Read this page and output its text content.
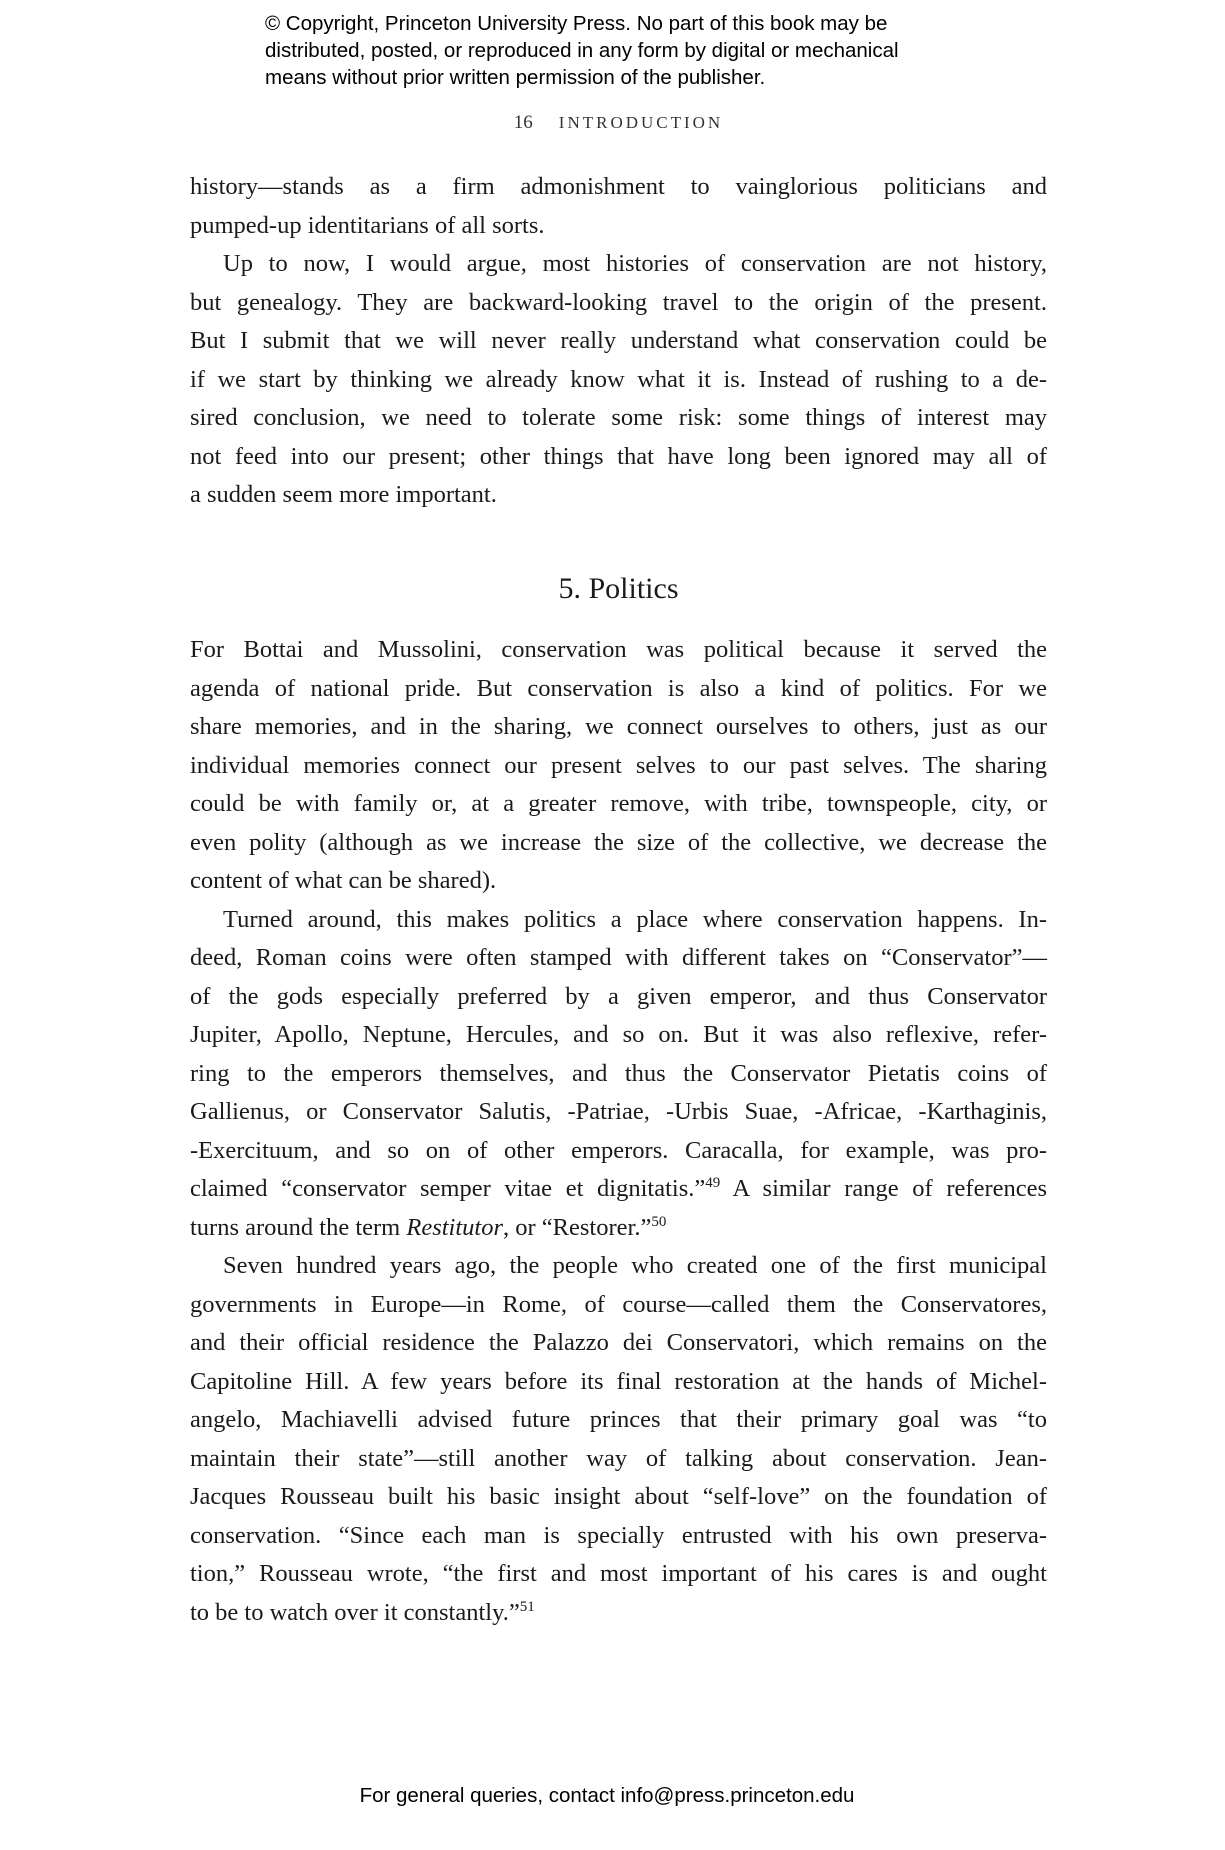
© Copyright, Princeton University Press. No part of this book may be
distributed, posted, or reproduced in any form by digital or mechanical
means without prior written permission of the publisher.
16 INTRODUCTION
history—stands as a firm admonishment to vainglorious politicians and
pumped-up identitarians of all sorts.
Up to now, I would argue, most histories of conservation are not history,
but genealogy. They are backward-looking travel to the origin of the present.
But I submit that we will never really understand what conservation could be
if we start by thinking we already know what it is. Instead of rushing to a de-
sired conclusion, we need to tolerate some risk: some things of interest may
not feed into our present; other things that have long been ignored may all of
a sudden seem more important.
5. Politics
For Bottai and Mussolini, conservation was political because it served the
agenda of national pride. But conservation is also a kind of politics. For we
share memories, and in the sharing, we connect ourselves to others, just as our
individual memories connect our present selves to our past selves. The sharing
could be with family or, at a greater remove, with tribe, townspeople, city, or
even polity (although as we increase the size of the collective, we decrease the
content of what can be shared).
Turned around, this makes politics a place where conservation happens. In-
deed, Roman coins were often stamped with different takes on “Conservator”—
of the gods especially preferred by a given emperor, and thus Conservator
Jupiter, Apollo, Neptune, Hercules, and so on. But it was also reflexive, refer-
ring to the emperors themselves, and thus the Conservator Pietatis coins of
Gallienus, or Conservator Salutis, -Patriae, -Urbis Suae, -Africae, -Karthaginis,
-Exercituum, and so on of other emperors. Caracalla, for example, was pro-
claimed “conservator semper vitae et dignitatis.”$^{49}$ A similar range of references
turns around the term Restitutor, or “Restorer.”$^{50}$
Seven hundred years ago, the people who created one of the first municipal
governments in Europe—in Rome, of course—called them the Conservatores,
and their official residence the Palazzo dei Conservatori, which remains on the
Capitoline Hill. A few years before its final restoration at the hands of Michel-
angelo, Machiavelli advised future princes that their primary goal was “to
maintain their state”—still another way of talking about conservation. Jean-
Jacques Rousseau built his basic insight about “self-love” on the foundation of
conservation. “Since each man is specially entrusted with his own preserva-
tion,” Rousseau wrote, “the first and most important of his cares is and ought
to be to watch over it constantly.”$^{51}$
For general queries, contact info@press.princeton.edu
